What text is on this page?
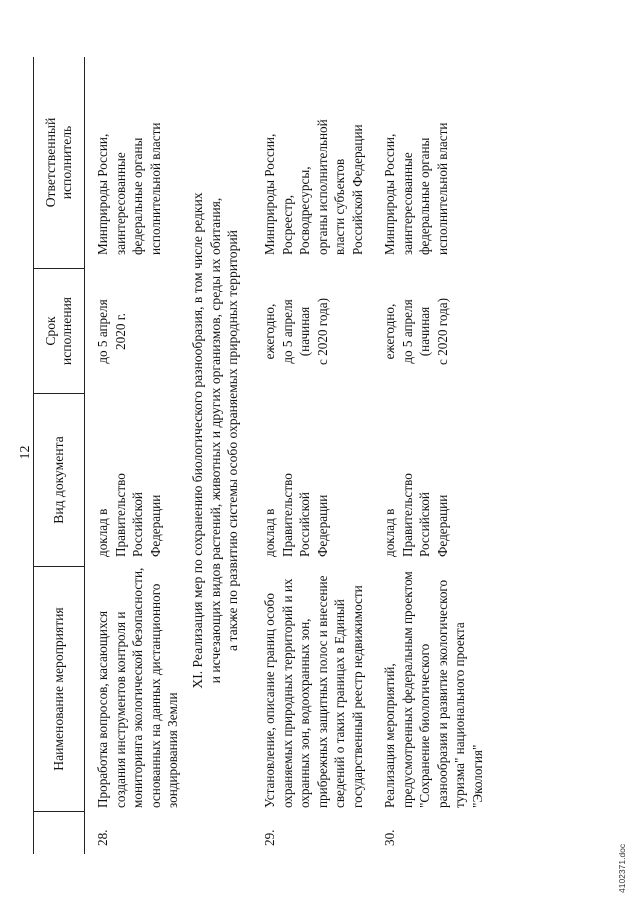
12
Наименование мероприятия
Вид документа
Срок исполнения
Ответственный исполнитель
28.
Проработка вопросов, касающихся создания инструментов контроля и мониторинга экологической безопасности, основанных на данных дистанционного зондирования Земли
доклад в Правительство Российской Федерации
до 5 апреля 2020 г.
Минприроды России, заинтересованные федеральные органы исполнительной власти
XI. Реализация мер по сохранению биологического разнообразия, в том числе редких и исчезающих видов растений, животных и других организмов, среды их обитания, а также по развитию системы особо охраняемых природных территорий
29.
Установление, описание границ особо охраняемых природных территорий и их охранных зон, водоохранных зон, прибрежных защитных полос и внесение сведений о таких границах в Единый государственный реестр недвижимости
доклад в Правительство Российской Федерации
ежегодно, до 5 апреля (начиная с 2020 года)
Минприроды России, Росреестр, Росводресурсы, органы исполнительной власти субъектов Российской Федерации
30.
Реализация мероприятий, предусмотренных федеральным проектом "Сохранение биологического разнообразия и развитие экологического туризма" национального проекта "Экология"
доклад в Правительство Российской Федерации
ежегодно, до 5 апреля (начиная с 2020 года)
Минприроды России, заинтересованные федеральные органы исполнительной власти
4102371.doc
